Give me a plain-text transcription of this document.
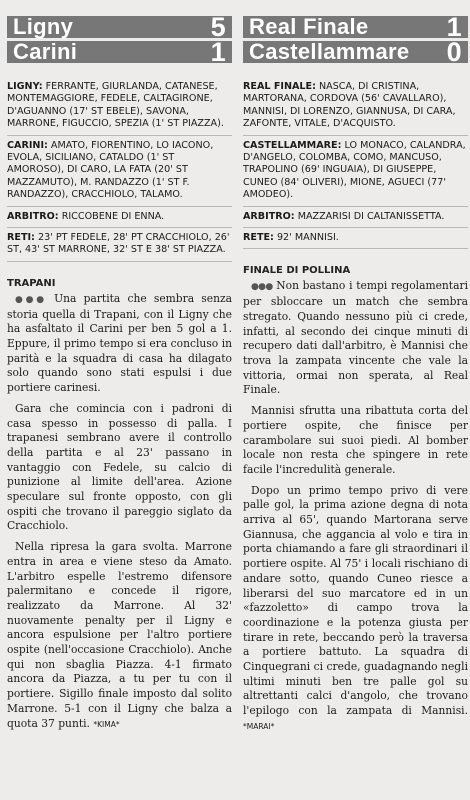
Ligny	5
Carini	1
LIGNY: FERRANTE, GIURLANDA, CATANESE, MONTEMAGGIORE, FEDELE, CALTAGIRONE, D'AGUANNO (17' ST EBELE), SAVONA, MARRONE, FIGUCCIO, SPEZIA (1' ST PIAZZA).
CARINI: AMATO, FIORENTINO, LO IACONO, EVOLA, SICILIANO, CATALDO (1' ST AMOROSO), DI CARO, LA FATA (20' ST MAZZAMUTO), M. RANDAZZO (1' ST F. RANDAZZO), CRACCHIOLO, TALAMO.
ARBITRO: RICCOBENE DI ENNA.
RETI: 23' PT FEDELE, 28' PT CRACCHIOLO, 26' ST, 43' ST MARRONE, 32' ST E 38' ST PIAZZA.
TRAPANI

●●● Una partita che sembra senza storia quella di Trapani, con il Ligny che ha asfaltato il Carini per ben 5 gol a 1. Eppure, il primo tempo si era concluso in parità e la squadra di casa ha dilagato solo quando sono stati espulsi i due portiere carinesi.

Gara che comincia con i padroni di casa spesso in possesso di palla. I trapanesi sembrano avere il controllo della partita e al 23' passano in vantaggio con Fedele, su calcio di punizione al limite dell'area. Azione speculare sul fronte opposto, con gli ospiti che trovano il pareggio siglato da Cracchiolo.

Nella ripresa la gara svolta. Marrone entra in area e viene steso da Amato. L'arbitro espelle l'estremo difensore palermitano e concede il rigore, realizzato da Marrone. Al 32' nuovamente penalty per il Ligny e ancora espulsione per l'altro portiere ospite (nell'occasione Cracchiolo). Anche qui non sbaglia Piazza. 4-1 firmato ancora da Piazza, a tu per tu con il portiere. Sigillo finale imposto dal solito Marrone. 5-1 con il Ligny che balza a quota 37 punti. *KIMA*

Real Finale	1
Castellammare 0
REAL FINALE: NASCA, DI CRISTINA, MARTORANA, CORDOVA (56' CAVALLARO), MANNISI, DI LORENZO, GIANNUSA, DI CARA, ZAFONTE, VITALE, D'ACQUISTO.
CASTELLAMMARE: LO MONACO, CALANDRA, D'ANGELO, COLOMBA, COMO, MANCUSO, TRAPOLINO (69' INGUAIA), DI GIUSEPPE, CUNEO (84' OLIVERI), MIONE, AGUECI (77' AMODEO).
ARBITRO: MAZZARISI DI CALTANISSETTA.
RETE: 92' MANNISI.
FINALE DI POLLINA

●●● Non bastano i tempi regolamentari per sbloccare un match che sembra stregato. Quando nessuno più ci crede, infatti, al secondo dei cinque minuti di recupero dati dall'arbitro, è Mannisi che trova la zampata vincente che vale la vittoria, ormai non sperata, al Real Finale.

Mannisi sfrutta una ribattuta corta del portiere ospite, che finisce per carambolare sui suoi piedi. Al bomber locale non resta che spingere in rete facile l'incredulità generale.

Dopo un primo tempo privo di vere palle gol, la prima azione degna di nota arriva al 65', quando Martorana serve Giannusa, che aggancia al volo e tira in porta chiamando a fare gli straordinari il portiere ospite. Al 75' i locali rischiano di andare sotto, quando Cuneo riesce a liberarsi del suo marcatore ed in un «fazzoletto» di campo trova la coordinazione e la potenza giusta per tirare in rete, beccando però la traversa a portiere battuto. La squadra di Cinquegrani ci crede, guadagnando negli ultimi minuti ben tre palle gol su altrettanti calci d'angolo, che trovano l'epilogo con la zampata di Mannisi. *MARAI*
